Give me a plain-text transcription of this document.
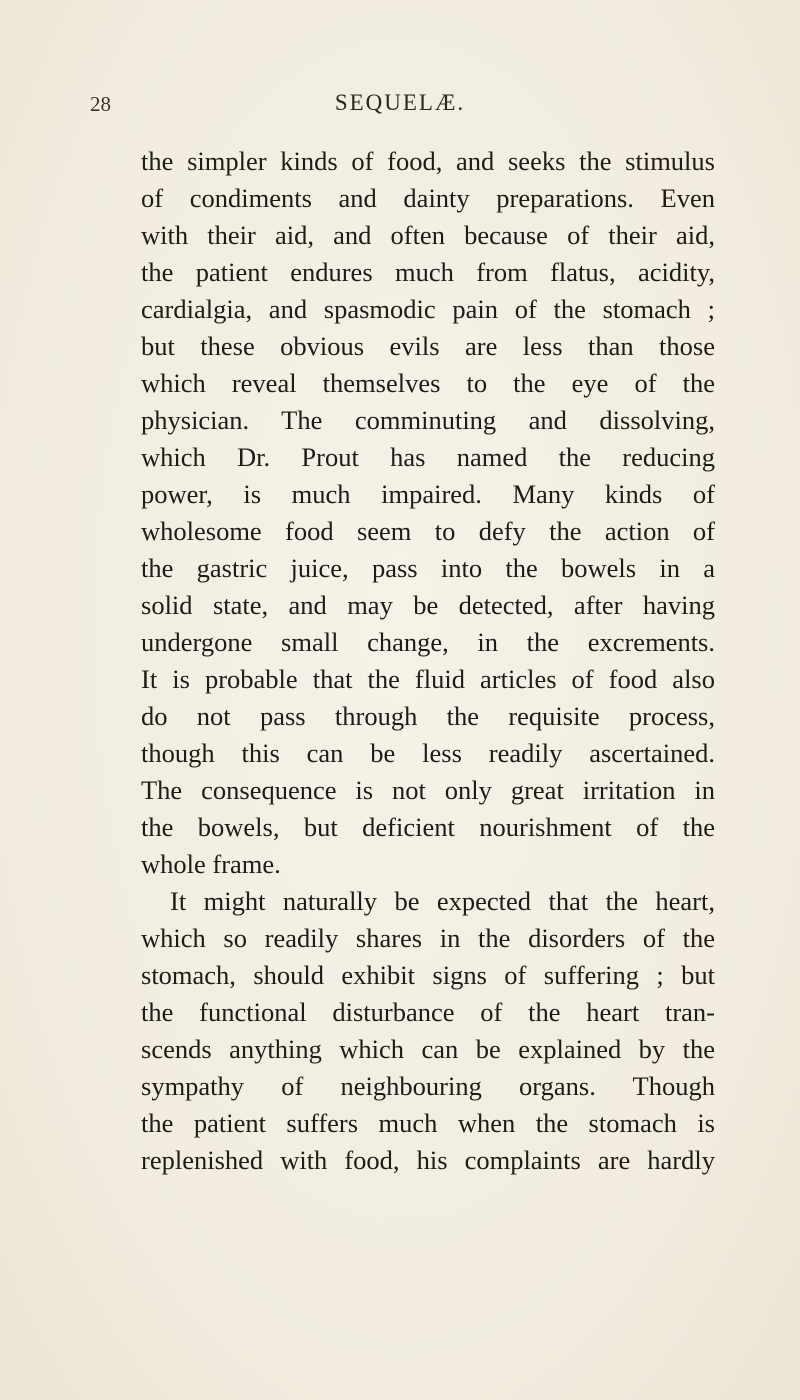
28	SEQUELÆ.
the simpler kinds of food, and seeks the stimulus
of condiments and dainty preparations. Even
with their aid, and often because of their aid,
the patient endures much from flatus, acidity,
cardialgia, and spasmodic pain of the stomach ;
but these obvious evils are less than those
which reveal themselves to the eye of the
physician. The comminuting and dissolving,
which Dr. Prout has named the reducing
power, is much impaired. Many kinds of
wholesome food seem to defy the action of
the gastric juice, pass into the bowels in a
solid state, and may be detected, after having
undergone small change, in the excrements.
It is probable that the fluid articles of food also
do not pass through the requisite process,
though this can be less readily ascertained.
The consequence is not only great irritation in
the bowels, but deficient nourishment of the
whole frame.
It might naturally be expected that the heart,
which so readily shares in the disorders of the
stomach, should exhibit signs of suffering ; but
the functional disturbance of the heart tran-
scends anything which can be explained by the
sympathy of neighbouring organs. Though
the patient suffers much when the stomach is
replenished with food, his complaints are hardly
